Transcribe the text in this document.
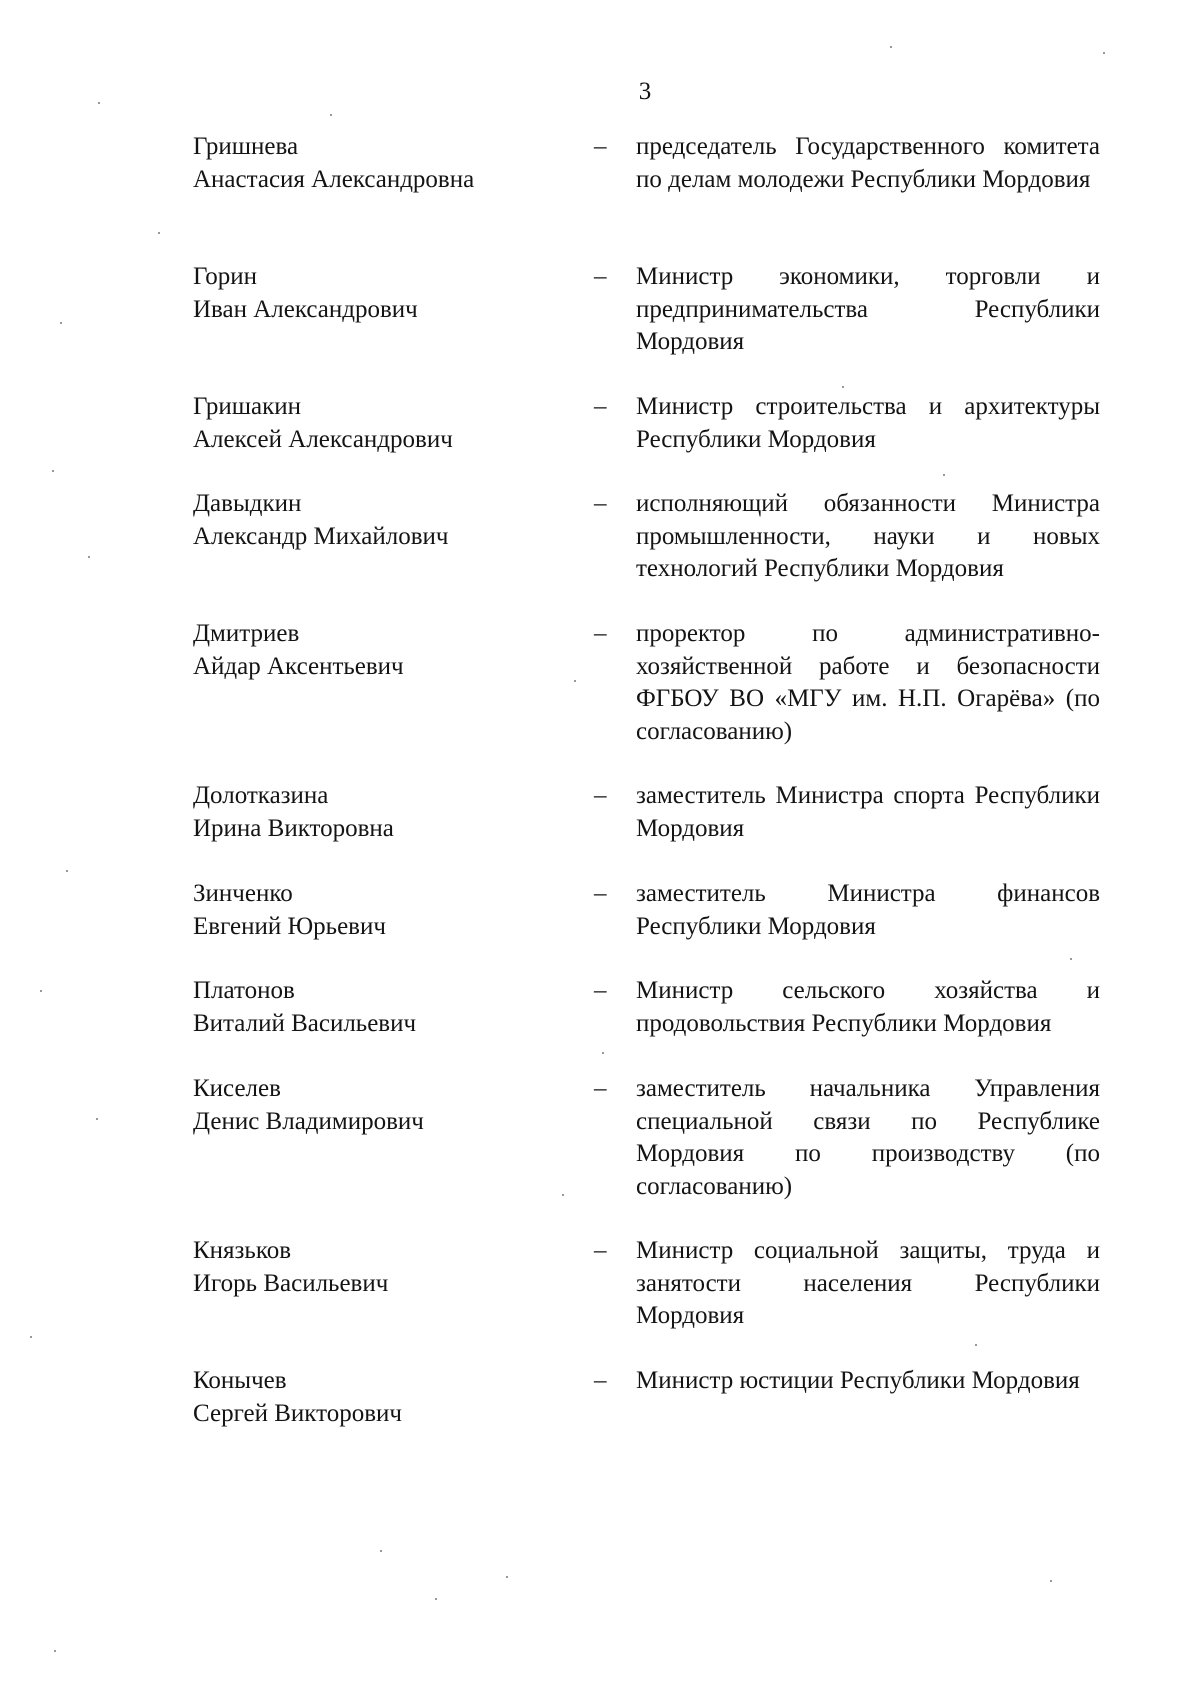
3
Гришнева
Анастасия Александровна
– председатель Государственного комитета по делам молодежи Республики Мордовия
Горин
Иван Александрович
– Министр экономики, торговли и предпринимательства Республики Мордовия
Гришакин
Алексей Александрович
– Министр строительства и архитектуры Республики Мордовия
Давыдкин
Александр Михайлович
– исполняющий обязанности Министра промышленности, науки и новых технологий Республики Мордовия
Дмитриев
Айдар Аксентьевич
– проректор по административно-хозяйственной работе и безопасности ФГБОУ ВО «МГУ им. Н.П. Огарёва» (по согласованию)
Долотказина
Ирина Викторовна
– заместитель Министра спорта Республики Мордовия
Зинченко
Евгений Юрьевич
– заместитель Министра финансов Республики Мордовия
Платонов
Виталий Васильевич
– Министр сельского хозяйства и продовольствия Республики Мордовия
Киселев
Денис Владимирович
– заместитель начальника Управления специальной связи по Республике Мордовия по производству (по согласованию)
Князьков
Игорь Васильевич
– Министр социальной защиты, труда и занятости населения Республики Мордовия
Конычев
Сергей Викторович
– Министр юстиции Республики Мордовия
